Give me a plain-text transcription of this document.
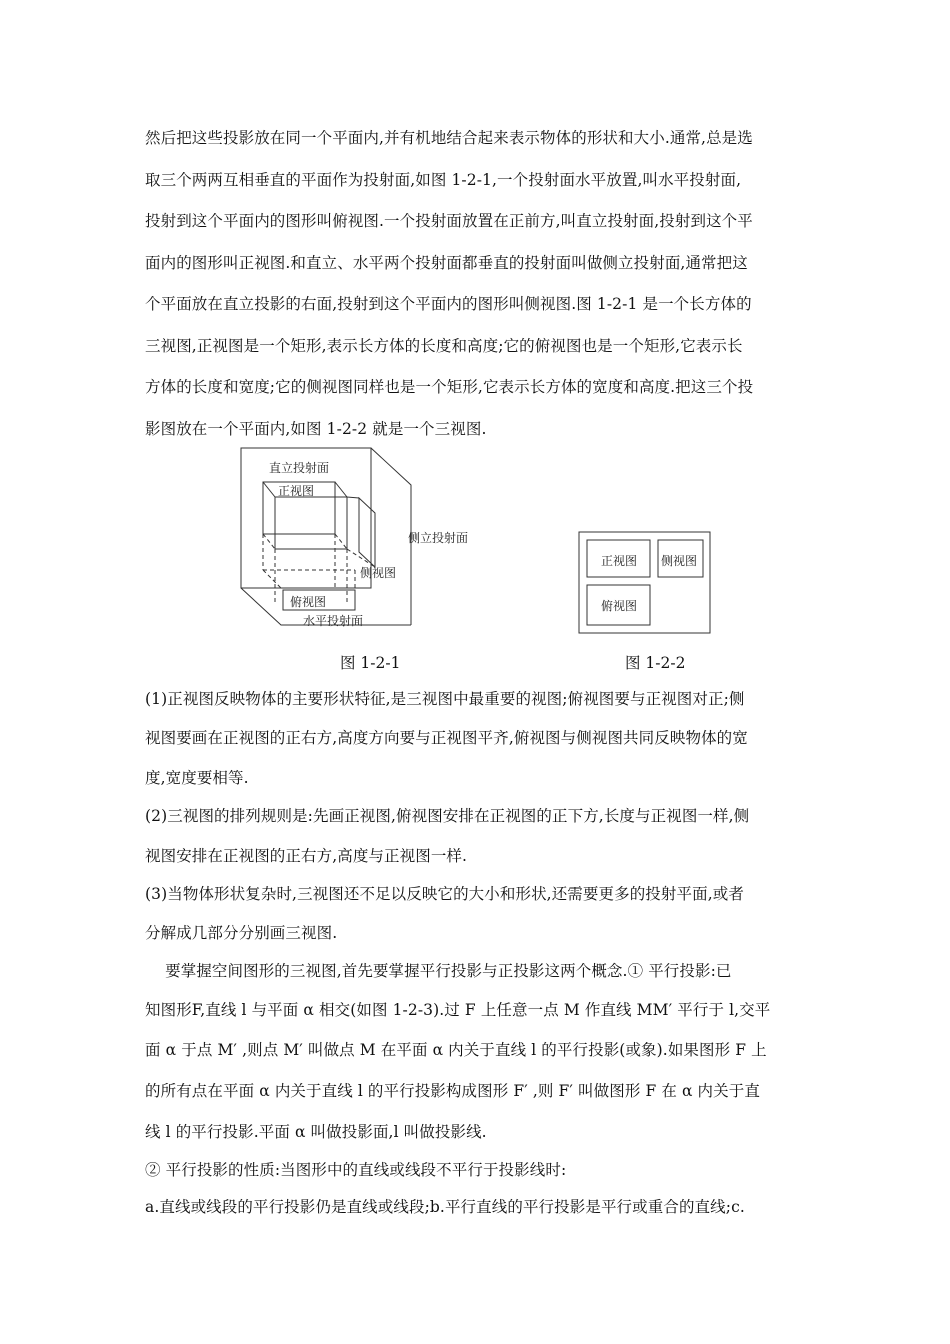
然后把这些投影放在同一个平面内,并有机地结合起来表示物体的形状和大小.通常,总是选
取三个两两互相垂直的平面作为投射面,如图 1-2-1,一个投射面水平放置,叫水平投射面,
投射到这个平面内的图形叫俯视图.一个投射面放置在正前方,叫直立投射面,投射到这个平
面内的图形叫正视图.和直立、水平两个投射面都垂直的投射面叫做侧立投射面,通常把这
个平面放在直立投影的右面,投射到这个平面内的图形叫侧视图.图 1-2-1 是一个长方体的
三视图,正视图是一个矩形,表示长方体的长度和高度;它的俯视图也是一个矩形,它表示长
方体的长度和宽度;它的侧视图同样也是一个矩形,它表示长方体的宽度和高度.把这三个投
影图放在一个平面内,如图 1-2-2 就是一个三视图.
直立投射面
正视图
侧立投射面
侧视图
俯视图
水平投射面
图 1-2-1
正视图 侧视图
俯视图
图 1-2-2
(1)正视图反映物体的主要形状特征,是三视图中最重要的视图;俯视图要与正视图对正;侧
视图要画在正视图的正右方,高度方向要与正视图平齐,俯视图与侧视图共同反映物体的宽
度,宽度要相等.
(2)三视图的排列规则是:先画正视图,俯视图安排在正视图的正下方,长度与正视图一样,侧
视图安排在正视图的正右方,高度与正视图一样.
(3)当物体形状复杂时,三视图还不足以反映它的大小和形状,还需要更多的投射平面,或者
分解成几部分分别画三视图.
要掌握空间图形的三视图,首先要掌握平行投影与正投影这两个概念.① 平行投影:已
知图形F,直线 l 与平面 α 相交(如图 1-2-3).过 F 上任意一点 M 作直线 MM′ 平行于 l,交平
面 α 于点 M′ ,则点 M′ 叫做点 M 在平面 α 内关于直线 l 的平行投影(或象).如果图形 F 上
的所有点在平面 α 内关于直线 l 的平行投影构成图形 F′ ,则 F′ 叫做图形 F 在 α 内关于直
线 l 的平行投影.平面 α 叫做投影面,l 叫做投影线.
② 平行投影的性质:当图形中的直线或线段不平行于投影线时:
a.直线或线段的平行投影仍是直线或线段;b.平行直线的平行投影是平行或重合的直线;c.
